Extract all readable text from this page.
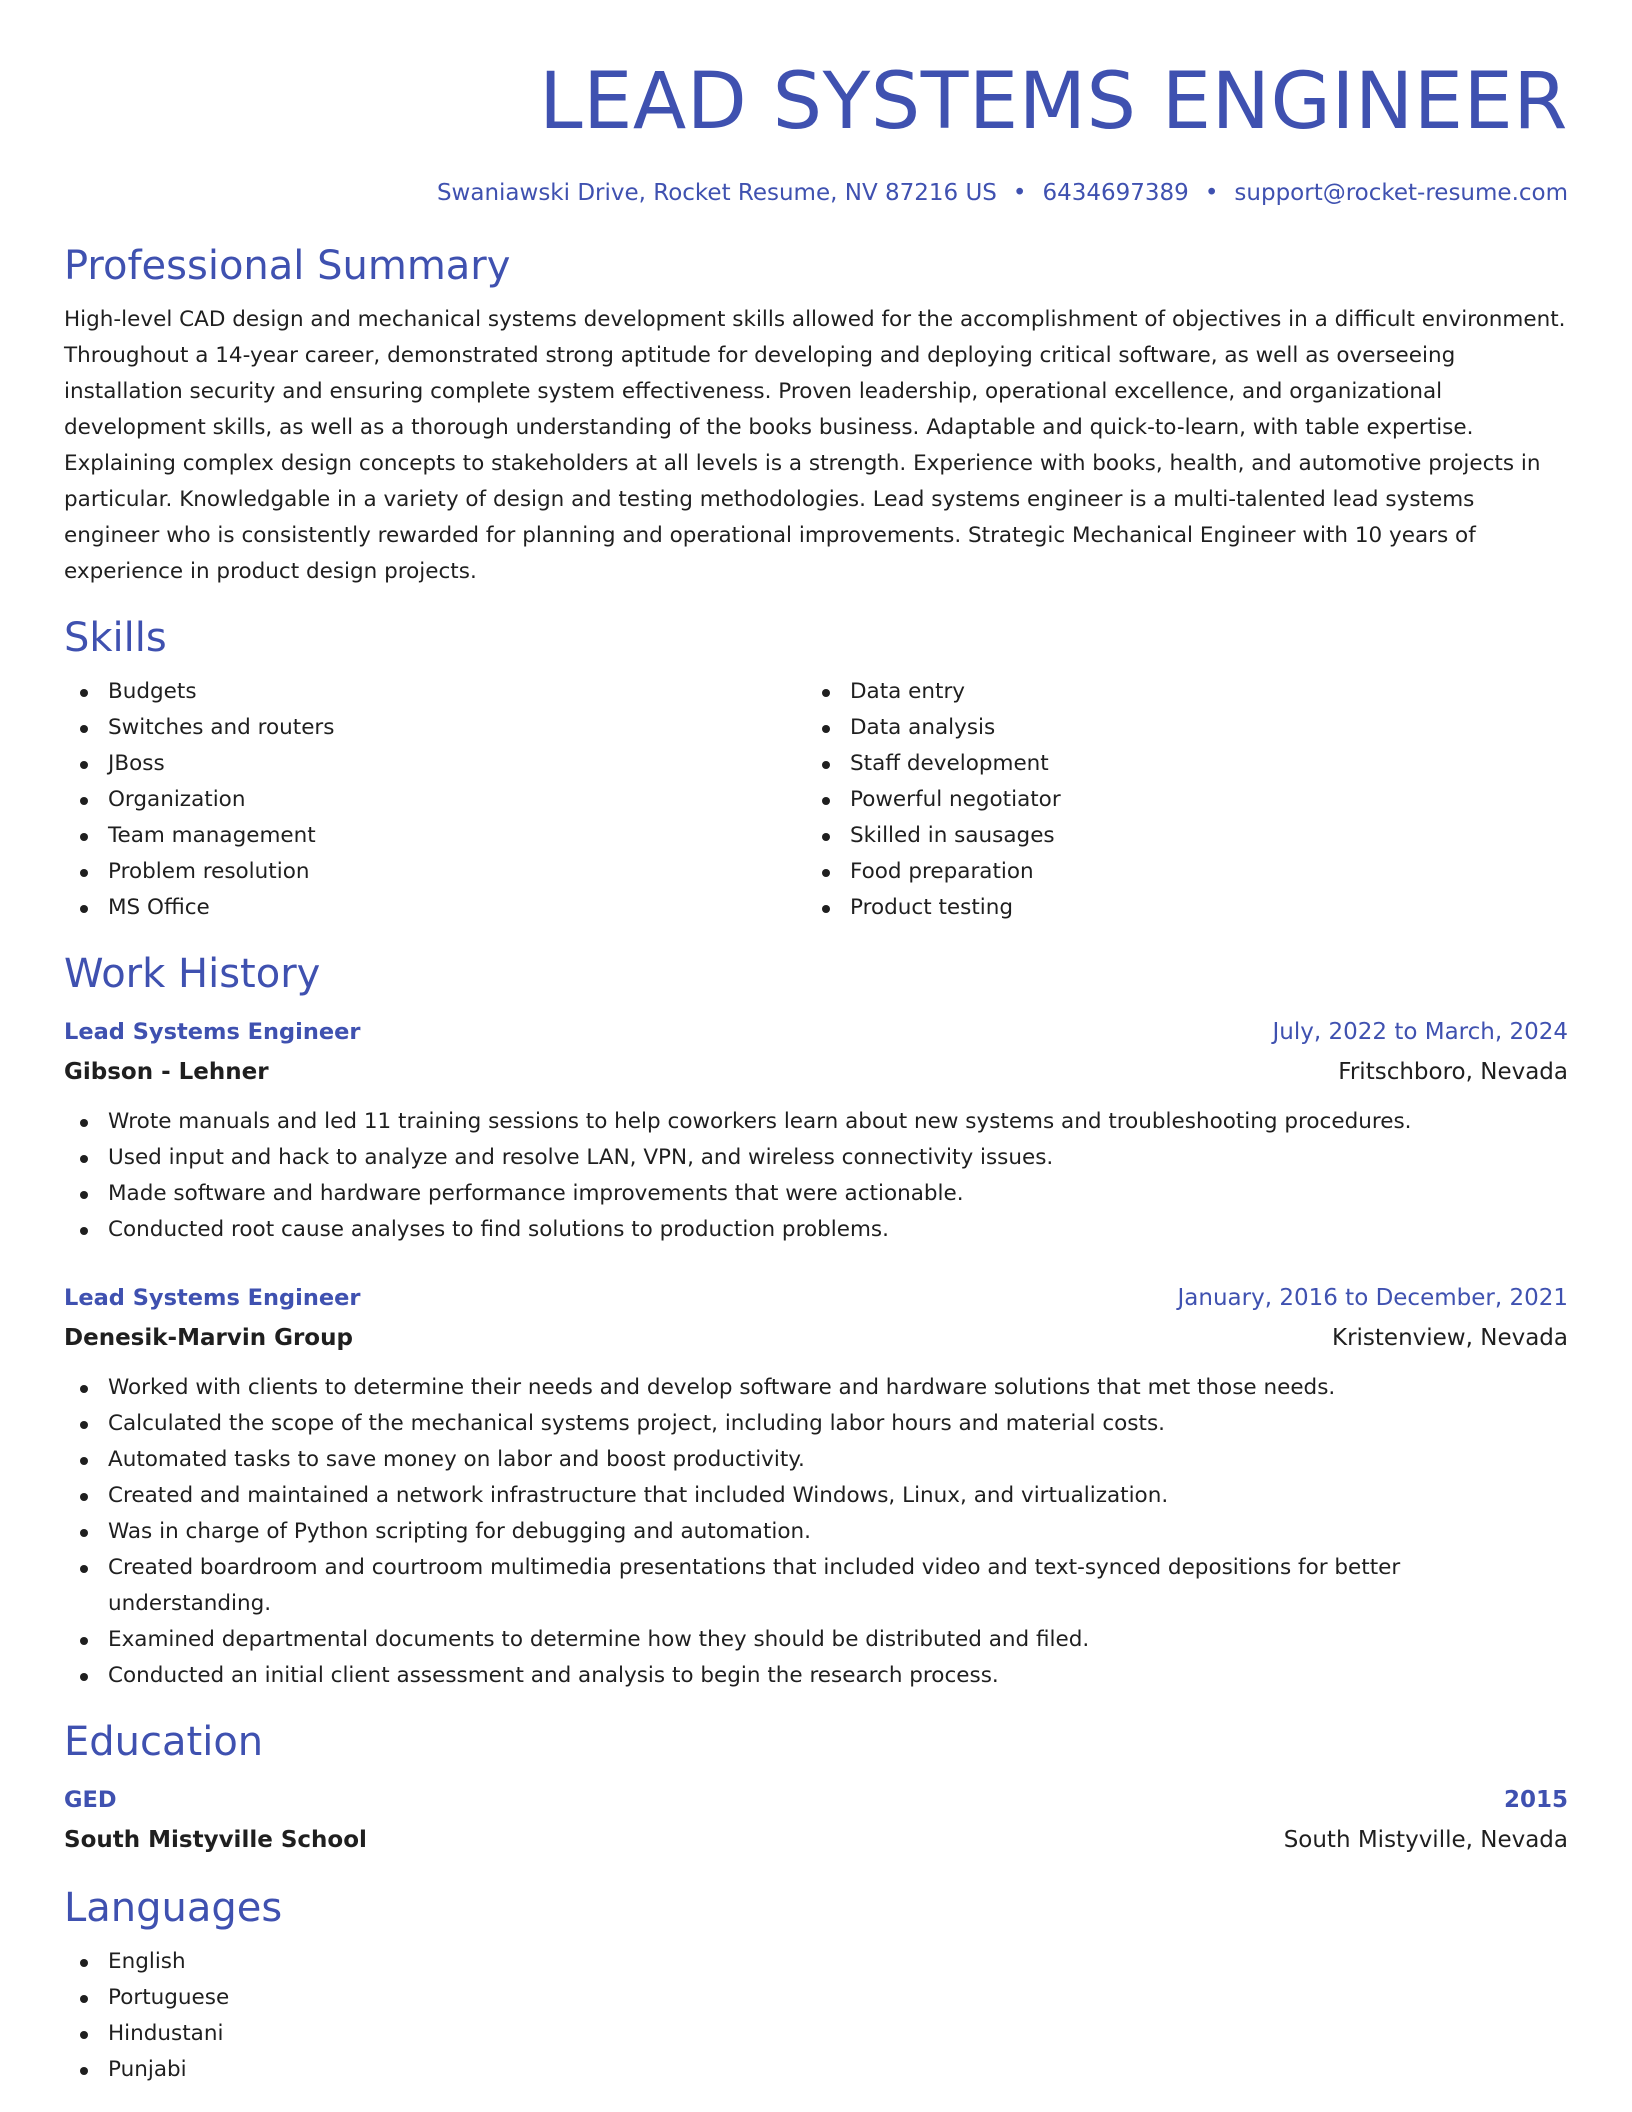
LEAD SYSTEMS ENGINEER
Swaniawski Drive, Rocket Resume, NV 87216 US • 6434697389 • support@rocket-resume.com
Professional Summary
High-level CAD design and mechanical systems development skills allowed for the accomplishment of objectives in a difficult environment. Throughout a 14-year career, demonstrated strong aptitude for developing and deploying critical software, as well as overseeing installation security and ensuring complete system effectiveness. Proven leadership, operational excellence, and organizational development skills, as well as a thorough understanding of the books business. Adaptable and quick-to-learn, with table expertise. Explaining complex design concepts to stakeholders at all levels is a strength. Experience with books, health, and automotive projects in particular. Knowledgable in a variety of design and testing methodologies. Lead systems engineer is a multi-talented lead systems engineer who is consistently rewarded for planning and operational improvements. Strategic Mechanical Engineer with 10 years of experience in product design projects.
Skills
Budgets
Switches and routers
JBoss
Organization
Team management
Problem resolution
MS Office
Data entry
Data analysis
Staff development
Powerful negotiator
Skilled in sausages
Food preparation
Product testing
Work History
Lead Systems Engineer	July, 2022 to March, 2024
Gibson - Lehner	Fritschboro, Nevada
Wrote manuals and led 11 training sessions to help coworkers learn about new systems and troubleshooting procedures.
Used input and hack to analyze and resolve LAN, VPN, and wireless connectivity issues.
Made software and hardware performance improvements that were actionable.
Conducted root cause analyses to find solutions to production problems.
Lead Systems Engineer	January, 2016 to December, 2021
Denesik-Marvin Group	Kristenview, Nevada
Worked with clients to determine their needs and develop software and hardware solutions that met those needs.
Calculated the scope of the mechanical systems project, including labor hours and material costs.
Automated tasks to save money on labor and boost productivity.
Created and maintained a network infrastructure that included Windows, Linux, and virtualization.
Was in charge of Python scripting for debugging and automation.
Created boardroom and courtroom multimedia presentations that included video and text-synced depositions for better understanding.
Examined departmental documents to determine how they should be distributed and filed.
Conducted an initial client assessment and analysis to begin the research process.
Education
GED	2015
South Mistyville School	South Mistyville, Nevada
Languages
English
Portuguese
Hindustani
Punjabi
